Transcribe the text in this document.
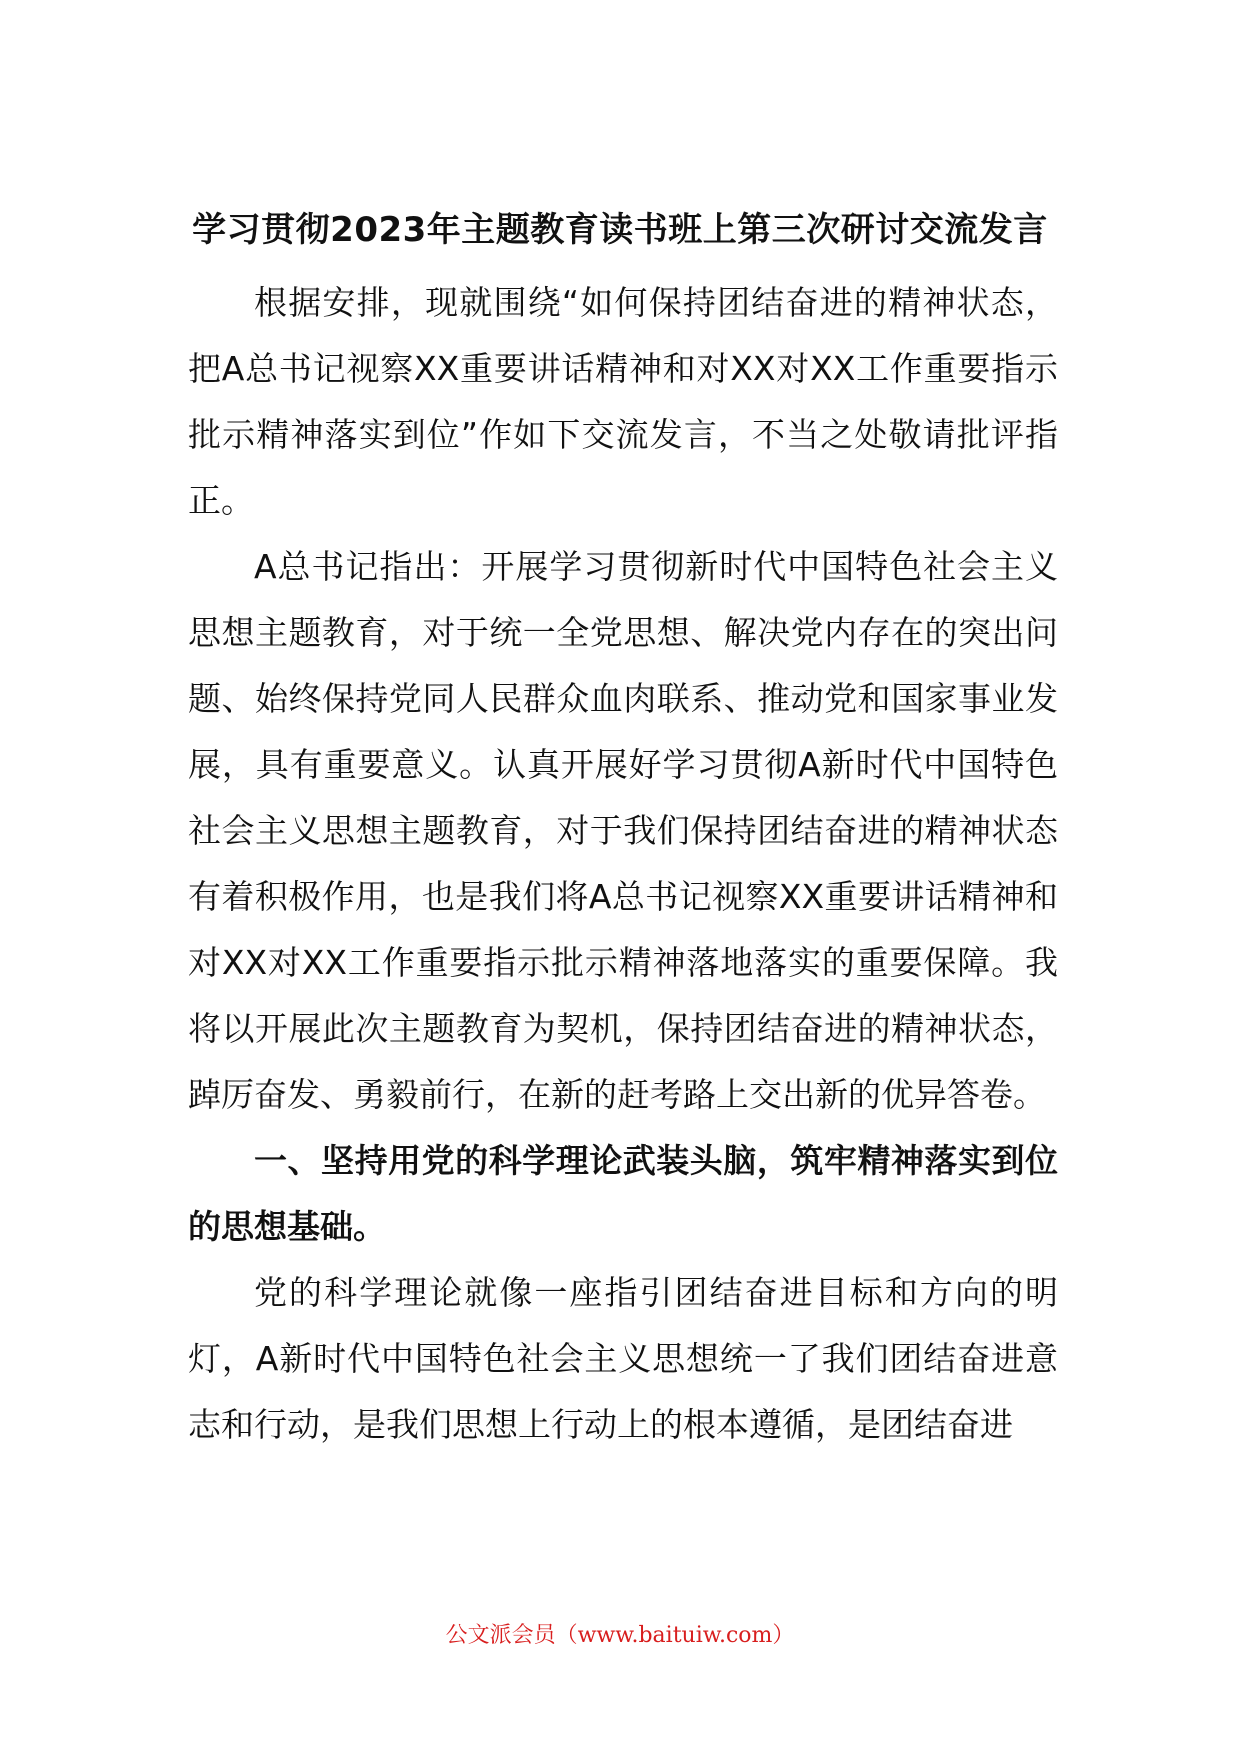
学习贯彻2023年主题教育读书班上第三次研讨交流发言

根据安排，现就围绕“如何保持团结奋进的精神状态，把A总书记视察XX重要讲话精神和对XX对XX工作重要指示批示精神落实到位”作如下交流发言，不当之处敬请批评指正。

A总书记指出：开展学习贯彻新时代中国特色社会主义思想主题教育，对于统一全党思想、解决党内存在的突出问题、始终保持党同人民群众血肉联系、推动党和国家事业发展，具有重要意义。认真开展好学习贯彻A新时代中国特色社会主义思想主题教育，对于我们保持团结奋进的精神状态有着积极作用，也是我们将A总书记视察XX重要讲话精神和对XX对XX工作重要指示批示精神落地落实的重要保障。我将以开展此次主题教育为契机，保持团结奋进的精神状态，踔厉奋发、勇毅前行，在新的赶考路上交出新的优异答卷。

一、坚持用党的科学理论武装头脑，筑牢精神落实到位的思想基础。

党的科学理论就像一座指引团结奋进目标和方向的明灯，A新时代中国特色社会主义思想统一了我们团结奋进意志和行动，是我们思想上行动上的根本遵循，是团结奋进

公文派会员（www.baituiw.com）
